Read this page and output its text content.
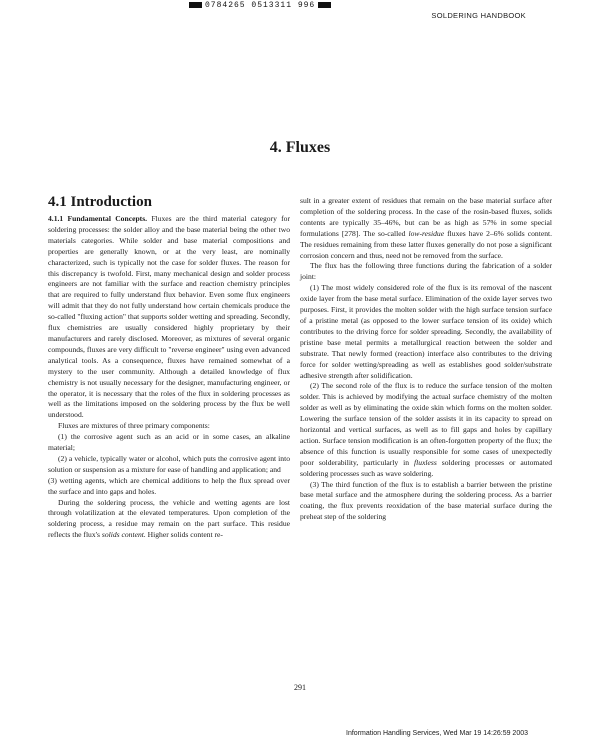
0784265 0513311 996
SOLDERING HANDBOOK
4. Fluxes
4.1 Introduction

4.1.1 Fundamental Concepts. Fluxes are the third material category for soldering processes: the solder alloy and the base material being the other two materials categories. While solder and base material compositions and properties are generally known, or at the very least, are nominally characterized, such is typically not the case for solder fluxes. The reason for this discrepancy is twofold. First, many mechanical design and solder process engineers are not familiar with the surface and reaction chemistry principles that are required to fully understand flux behavior. Even some flux engineers will admit that they do not fully understand how certain chemicals produce the so-called "fluxing action" that supports solder wetting and spreading. Secondly, flux chemistries are usually considered highly proprietary by their manufacturers and rarely disclosed. Moreover, as mixtures of several organic compounds, fluxes are very difficult to "reverse engineer" using even advanced analytical tools. As a consequence, fluxes have remained somewhat of a mystery to the user community. Although a detailed knowledge of flux chemistry is not usually necessary for the designer, manufacturing engineer, or the operator, it is necessary that the roles of the flux in soldering processes as well as the limitations imposed on the soldering process by the flux be well understood.

Fluxes are mixtures of three primary components:

(1) the corrosive agent such as an acid or in some cases, an alkaline material;

(2) a vehicle, typically water or alcohol, which puts the corrosive agent into solution or suspension as a mixture for ease of handling and application; and

(3) wetting agents, which are chemical additions to help the flux spread over the surface and into gaps and holes.

During the soldering process, the vehicle and wetting agents are lost through volatilization at the elevated temperatures. Upon completion of the soldering process, a residue may remain on the part surface. This residue reflects the flux's solids content. Higher solids content re-

sult in a greater extent of residues that remain on the base material surface after completion of the soldering process. In the case of the rosin-based fluxes, solids contents are typically 35–46%, but can be as high as 57% in some special formulations [278]. The so-called low-residue fluxes have 2–6% solids content. The residues remaining from these latter fluxes generally do not pose a significant corrosion concern and thus, need not be removed from the surface.

The flux has the following three functions during the fabrication of a solder joint:

(1) The most widely considered role of the flux is its removal of the nascent oxide layer from the base metal surface. Elimination of the oxide layer serves two purposes. First, it provides the molten solder with the high surface tension surface of a pristine metal (as opposed to the lower surface tension of its oxide) which contributes to the driving force for solder spreading. Secondly, the availability of pristine base metal permits a metallurgical reaction between the solder and substrate. That newly formed (reaction) interface also contributes to the driving force for solder wetting/spreading as well as establishes good solder/substrate adhesive strength after solidification.

(2) The second role of the flux is to reduce the surface tension of the molten solder. This is achieved by modifying the actual surface chemistry of the molten solder as well as by eliminating the oxide skin which forms on the molten solder. Lowering the surface tension of the solder assists it in its capacity to spread on horizontal and vertical surfaces, as well as to fill gaps and holes by capillary action. Surface tension modification is an often-forgotten property of the flux; the absence of this function is usually responsible for some cases of unexpectedly poor solderability, particularly in fluxless soldering processes or automated soldering processes such as wave soldering.

(3) The third function of the flux is to establish a barrier between the pristine base metal surface and the atmosphere during the soldering process. As a barrier coating, the flux prevents reoxidation of the base material surface during the preheat step of the soldering

291
Information Handling Services, Wed Mar 19 14:26:59 2003
